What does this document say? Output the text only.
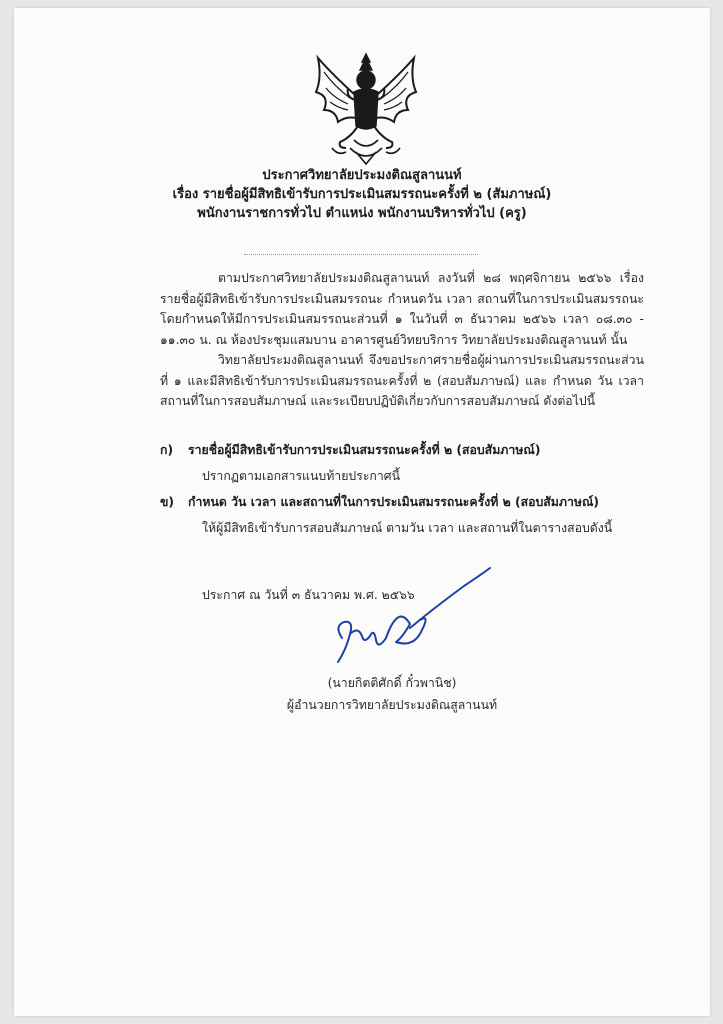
ประกาศวิทยาลัยประมงติณสูลานนท์
เรื่อง รายชื่อผู้มีสิทธิเข้ารับการประเมินสมรรถนะครั้งที่ ๒ (สัมภาษณ์)
พนักงานราชการทั่วไป ตำแหน่ง พนักงานบริหารทั่วไป (ครู)

ตามประกาศวิทยาลัยประมงติณสูลานนท์ ลงวันที่ ๒๘ พฤศจิกายน ๒๕๖๖ เรื่อง รายชื่อผู้มีสิทธิเข้ารับการประเมินสมรรถนะ กำหนดวัน เวลา สถานที่ในการประเมินสมรรถนะ โดยกำหนดให้มีการประเมินสมรรถนะส่วนที่ ๑ ในวันที่ ๓ ธันวาคม ๒๕๖๖ เวลา ๐๘.๓๐ - ๑๑.๓๐ น. ณ ห้องประชุมแสมบาน อาคารศูนย์วิทยบริการ วิทยาลัยประมงติณสูลานนท์ นั้น

วิทยาลัยประมงติณสูลานนท์ จึงขอประกาศรายชื่อผู้ผ่านการประเมินสมรรถนะส่วนที่ ๑ และมีสิทธิเข้ารับการประเมินสมรรถนะครั้งที่ ๒ (สอบสัมภาษณ์) และ กำหนด วัน เวลา สถานที่ในการสอบสัมภาษณ์ และระเบียบปฏิบัติเกี่ยวกับการสอบสัมภาษณ์ ดังต่อไปนี้

ก)	รายชื่อผู้มีสิทธิเข้ารับการประเมินสมรรถนะครั้งที่ ๒ (สอบสัมภาษณ์)
ปรากฏตามเอกสารแนบท้ายประกาศนี้
ข)	กำหนด วัน เวลา และสถานที่ในการประเมินสมรรถนะครั้งที่ ๒ (สอบสัมภาษณ์)
ให้ผู้มีสิทธิเข้ารับการสอบสัมภาษณ์ ตามวัน เวลา และสถานที่ในตารางสอบดังนี้
ประกาศ ณ วันที่ ๓ ธันวาคม พ.ศ. ๒๕๖๖
(นายกิตติศักดิ์ กั๋วพานิช)
ผู้อำนวยการวิทยาลัยประมงติณสูลานนท์
